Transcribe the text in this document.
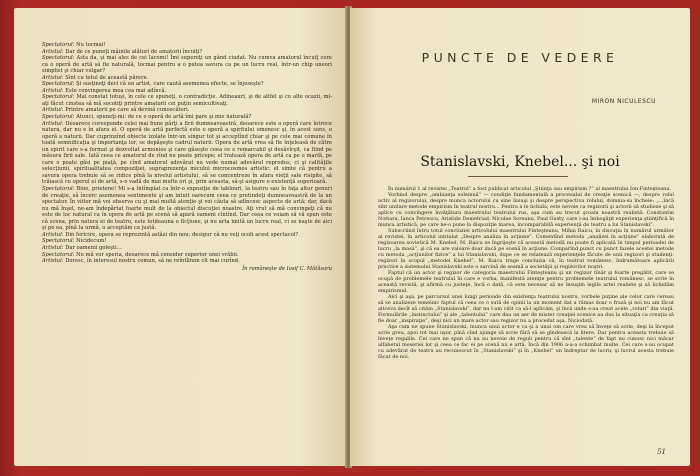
Spectatorul: Nu tocmai!

Artistul: Dar de ce puneţi mâinile alături de amatorii încuiţi?

Spectatorul: Asta da, şi mai ales de cei lacomi! Îmi supereţi un gând ciudat. Nu cumva amatorul încuiţ cere ca o operă de artă să fie naturală, tocmai pentru a o putea savura ca pe un lucru real, într-un chip uneori simplist şi chiar vulgar?

Artistul: Sînt cu totul de această părere.

Spectatorul: Şi susţineţi deci că un artist, care caută asemenea efecte, se înjoseşte?

Artistul: Este convingerea mea cea mai adîncă.

Spectatorul: Mai constat totuşi, în cele ce spuneţi, o contradicţie. Adineauri, şi de altfel şi cu alte ocazii, mi-aţi făcut cinstea să mă socotiţi printre amatorii cei puţin semicultivaţi.

Artistul: Printre amatorii pe care să devină cunoscători.

Spectatorul: Atunci, spuneţi-mi: de ce o operă de artă îmi pare şi mie naturală?

Artistul: Deoarece corespunde celei mai bune părţi a firii dumneavoastră, deoarece este o operă care întrece natura, dar nu e în afara ei. O operă de artă perfectă este o operă a spiritului omenesc şi, în acest sens, o operă a naturii. Dar cuprinzînd obiecte izolate într-un singur tot şi acceptînd chiar şi pe cele mai comune în toată semnificaţia şi importanţa lor, se depăşeşte cadrul naturii. Opera de artă vrea să fie înţeleasă de către un spirit care s-a format şi dezvoltat armonios şi care găseşte ceea ce e remarcabil şi desăvîrşit, ca fiind pe măsura firii sale. Iată ceea ce amatorul de rînd nu poate pricepe; el tratează opera de artă ca pe o marfă, pe care o poate găsi pe piaţă, pe cînd amatorul adevărat nu vede numai adevărul reprodus, ci şi calităţile selecţiunii, spiritualitatea compoziţiei, supraprezenţa micului microcosmos artistic: el simte că pentru a savura opera trebuie să se ridice pînă la nivelul artistului, să se concentreze în afara vieţii sale risipite, să trăiască cu operul ei de artă, s-o vadă de mai multe ori şi, prin aceasta, să-şi asigure o existenţă superioară.

Spectatorul: Bine, prietene! Mi s-a întîmplat ca într-o expoziţie de tablouri, la teatru sau în faţa altor genuri de creaţie, să încerc asemenea sentimente şi am intuit oarecum ceea ce pretindeţi dumneavoastră de la un spectator. În viitor mă voi observa cu şi mai multă atenţie şi voi căuta să adîncesc aspecte de artă; dar, dacă nu mă înşel, ne-am îndepărtat foarte mult de la obiectul discuţiei noastre. Aţi vrut să mă convingeţi că nu este de loc natural ca în opera de artă pe scenă să apară oameni cîntînd. Dar ceea ce voiam să vă spun este că scena, prin natura ei de teatru, este totdeauna o ficţiune, şi nu arta imită un lucru real, ci se naşte de aici şi pe ea, pînă la urmă, o acceptăm ca justă.

Artistul: Din fericire, opera se reprezintă astăzi din nou; desigur că nu veţi ocoli acest spectacol?

Spectatorul: Nicidecum!

Artistul: Dar oamenii goleşti...

Spectatorul: Nu mă vor speria, deoarece mă consider superior unei vrăbii.

Artistul: Doresc, în interesul nostru comun, să ne reîntîlnim cît mai curînd.

În româneşte de Iosif C. Mătăsaru

PUNCTE DE VEDERE
MIRON NICULESCU
Stanislavski, Knebel... şi noi

În numărul 1 al revistei „Teatrul” a fost publicat articolul „Ştiinţa sau empirism ?” al maestrului Ion Finteşteanu.

Vorbind despre „ambianţa solemnă” — condiţie fundamentală a procesului de creaţie scenică —, despre rolul activ al regizorului, despre munca actorului cu sine însuşi şi despre perspectiva rolului, domnia-sa încheie: „...încă sînt unitare metode empirism în teatrul nostru... Pentru a le lichida, este nevoie ca regizorii şi actorii să studieze şi să aplice cu convingere învăţătura maestrului teatrului rus, aşa cum au trecut şcoala noastră realistă: Constantin Nottara, Ianca Petrescu, Aristide Demetriad, Nicolae Soreanu, Paul Gusty, care i-au îmbogăţit experienţa ştiinţifică în munca artistică, pe care ne-o pune la dispoziţie marea, incomparabilă experienţă de teatru a lui Stanislavski”.

Subscriind întru totul concluziei articolului maestrului Finteşteanu, Mihai Raicu, în discuţia în numărul următor al revistei, în articolul intitulat „Despre analiza în acţiune”. Comentînd metoda „analizei în acţiune” elaborată de regizoarea sovietică M. Knebel, M. Raicu se îngrijeşte că această metodă nu poate fi aplicată în timpul perioadei de lucru „la masă”, şi că ea are valoare doar dacă pe scenă în acţiune. Comparînd punct cu punct fazele acestei metode cu metoda „acţiunilor fizice” a lui Stanislavski, dupe ce se relatează experienţele făcute de unii regizori şi studenţi-regizori în scopul „metodei Knebel”, M. Raicu trage concluzia că, în teatrul românesc, îndrumătoare aplicării practice a sistemului Stanislavski este o sarcină de seamă a societăţii şi regizorilor noştri.

Faptul că un actor şi regizor de categoria maestrului Finteşteanu şi un regizor tînăr şi foarte pregătit, care se ocupă de problemele teatrului în care e vorba, manifestă atenţie pentru problemele teatrului românesc, se scrie în această revistă, şi afirmă cu justeţe, încă o dată, că este necesar să ne însuşim legile artei realiste şi să lichidăm empirismul.

Aici şi aşa, pe parcursul unei lungi perioade din existenţa teatrului nostru, vorbele puţine ale celor care cereau să se analizeze temeinic faptul că ceea ce o sută de opinii la un moment dat a rămas doar o frază şi noi nu am făcut altceva decît să cităm „Stanislavski”, dar nu l-am citit ca să-l aplicăm, şi încă unde s-au creat acele „roluri” din viaţă. Formulările „instinctului” şi ale „talentului” care dau un aer de mister creaţiei scenice au dus la situaţia ca creaţia să fie doar „inspiraţie”, deşi nici un mare actor sau regizor nu a procedat aşa. Niciodată.

Aşa cum ne spune Stanislavski, munca unui actor e ca şi a unui om care vrea să înveţe să scrie, deşi la început scrie greu, apoi tot mai uşor, pînă cînd ajunge să scrie fără să se gîndească la litere. Dar pentru aceasta trebuie să înveţe regulile. Cei care ne spun că nu au nevoie de reguli pentru că sînt „talente” de fapt nu cunosc nici măcar alfabetul meseriei lor şi ceea ce fac ei pe scenă nu e artă. Încă din 1906 a-a-a schimbat multe. Cei care s-au ocupat cu adevărat de teatru au recunoscut în „Stanislavski” şi în „Knebel” un îndreptar de lucru; şi lucrul acesta trebuie făcut de noi.

51
